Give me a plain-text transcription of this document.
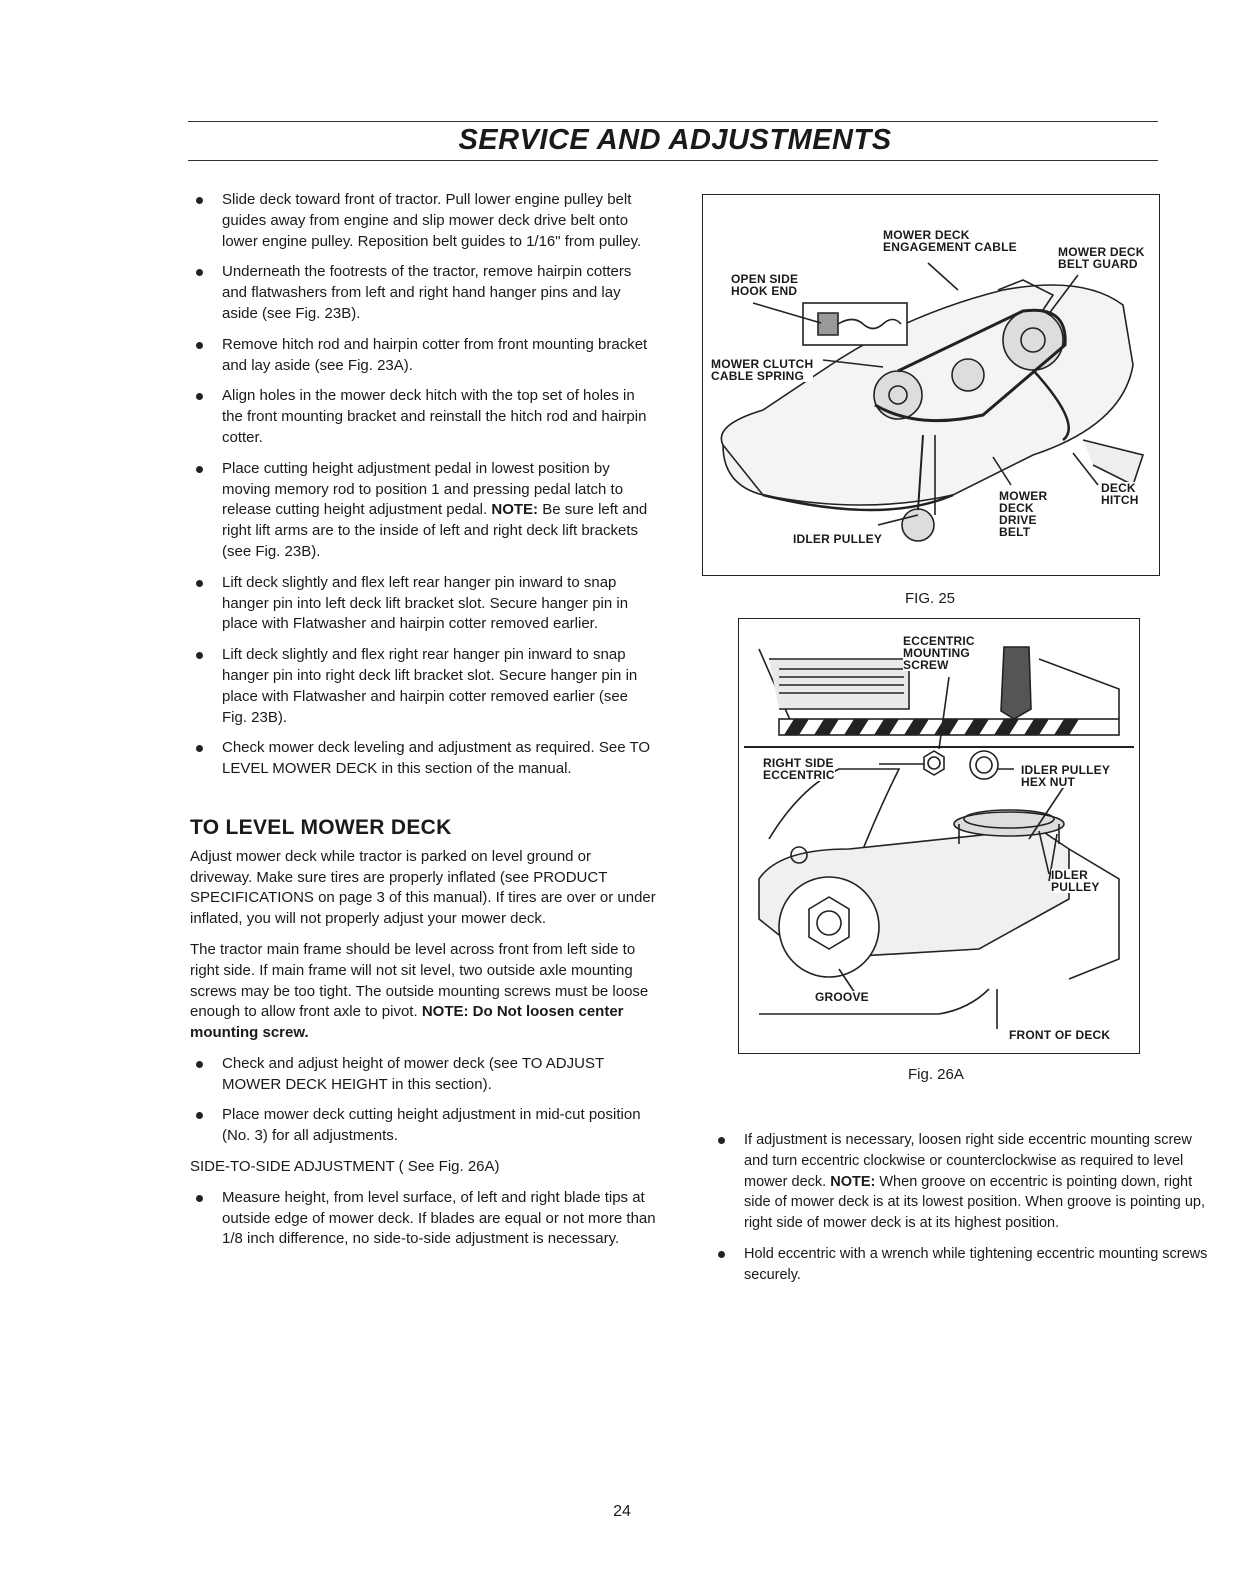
SERVICE AND ADJUSTMENTS
Slide deck toward front of tractor. Pull lower engine pulley belt guides away from engine and slip mower deck drive belt onto lower engine pulley. Reposition belt guides to 1/16" from pulley.
Underneath the footrests of the tractor, remove hairpin cotters and flatwashers from left and right hand hanger pins and lay aside (see Fig. 23B).
Remove hitch rod and hairpin cotter from front mounting bracket and lay aside (see Fig. 23A).
Align holes in the mower deck hitch with the top set of holes in the front mounting bracket and reinstall the hitch rod and hairpin cotter.
Place cutting height adjustment pedal in lowest position by moving memory rod to position 1 and pressing pedal latch to release cutting height adjustment pedal. NOTE: Be sure left and right lift arms are to the inside of left and right deck lift brackets (see Fig. 23B).
Lift deck slightly and flex left rear hanger pin inward to snap hanger pin into left deck lift bracket slot. Secure hanger pin in place with Flatwasher and hairpin cotter removed earlier.
Lift deck slightly and flex right rear hanger pin inward to snap hanger pin into right deck lift bracket slot. Secure hanger pin in place with Flatwasher and hairpin cotter removed earlier (see Fig. 23B).
Check mower deck leveling and adjustment as required. See TO LEVEL MOWER DECK in this section of the manual.
TO LEVEL MOWER DECK

Adjust mower deck while tractor is parked on level ground or driveway. Make sure tires are properly inflated (see PRODUCT SPECIFICATIONS on page 3 of this manual). If tires are over or under inflated, you will not properly adjust your mower deck.

The tractor main frame should be level across front from left side to right side. If main frame will not sit level, two outside axle mounting screws may be too tight. The outside mounting screws must be loose enough to allow front axle to pivot. NOTE: Do Not loosen center mounting screw.

Check and adjust height of mower deck (see TO ADJUST MOWER DECK HEIGHT in this section).
Place mower deck cutting height adjustment in mid-cut position (No. 3) for all adjustments.

SIDE-TO-SIDE ADJUSTMENT ( See Fig. 26A)

Measure height, from level surface, of left and right blade tips at outside edge of mower deck. If blades are equal or not more than 1/8 inch difference, no side-to-side adjustment is necessary.
MOWER DECK
ENGAGEMENT CABLE	MOWER DECK
BELT GUARD
OPEN SIDE
HOOK END
MOWER CLUTCH
CABLE SPRING
DECK
HITCH
MOWER
DECK
DRIVE
BELT
IDLER PULLEY
FIG. 25
ECCENTRIC
MOUNTING
SCREW
RIGHT SIDE
ECCENTRIC	IDLER PULLEY
HEX NUT
IDLER
PULLEY
GROOVE
FRONT OF DECK
Fig. 26A
If adjustment is necessary, loosen right side eccentric mounting screw and turn eccentric clockwise or counterclockwise as required to level mower deck. NOTE: When groove on eccentric is pointing down, right side of mower deck is at its lowest position. When groove is pointing up, right side of mower deck is at its highest position.
Hold eccentric with a wrench while tightening eccentric mounting screws securely.
24
